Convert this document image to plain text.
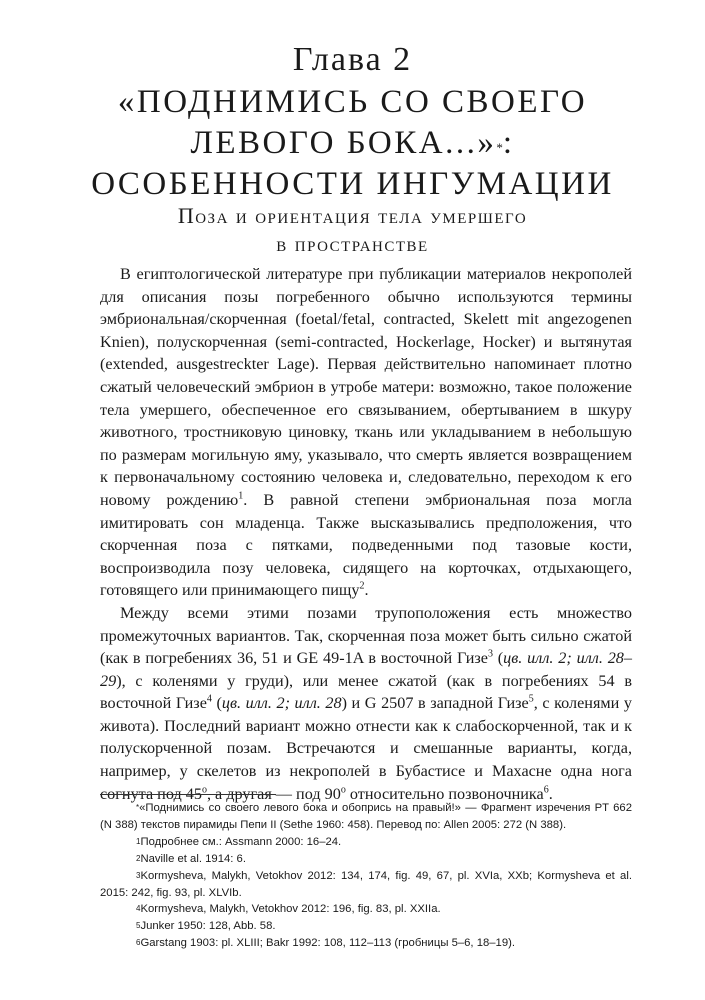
Глава 2
«ПОДНИМИСЬ СО СВОЕГО
ЛЕВОГО БОКА...»*:
ОСОБЕННОСТИ ИНГУМАЦИИ
Поза и ориентация тела умершего
в пространстве

В египтологической литературе при публикации материалов некрополей для описания позы погребенного обычно используются термины эмбриональная/скорченная (foetal/fetal, contracted, Skelett mit angezogenen Knien), полускорченная (semi-contracted, Hockerlage, Hocker) и вытянутая (extended, ausgestreckter Lage). Первая действительно напоминает плотно сжатый человеческий эмбрион в утробе матери: возможно, такое положение тела умершего, обеспеченное его связыванием, обертыванием в шкуру животного, тростниковую циновку, ткань или укладыванием в небольшую по размерам могильную яму, указывало, что смерть является возвращением к первоначальному состоянию человека и, следовательно, переходом к его новому рождению$^1$. В равной степени эмбриональная поза могла имитировать сон младенца. Также высказывались предположения, что скорченная поза с пятками, подведенными под тазовые кости, воспроизводила позу человека, сидящего на корточках, отдыхающего, готовящего или принимающего пищу$^2$.

Между всеми этими позами трупоположения есть множество промежуточных вариантов. Так, скорченная поза может быть сильно сжатой (как в погребениях 36, 51 и GE 49-1A в восточной Гизе$^3$ (цв. илл. 2; илл. 28–29), с коленями у груди), или менее сжатой (как в погребениях 54 в восточной Гизе$^4$ (цв. илл. 2; илл. 28) и G 2507 в западной Гизе$^5$, с коленями у живота). Последний вариант можно отнести как к слабоскорченной, так и к полускорченной позам. Встречаются и смешанные варианты, когда, например, у скелетов из некрополей в Бубастисе и Махасне одна нога согнута под 45$^o$, а другая — под 90$^o$ относительно позвоночника$^6$.

*«Поднимись со своего левого бока и обопрись на правый!» — Фрагмент изречения PT 662 (N 388) текстов пирамиды Пепи II (Sethe 1960: 458). Перевод по: Allen 2005: 272 (N 388).

1Подробнее см.: Assmann 2000: 16–24.

2Naville et al. 1914: 6.

3Kormysheva, Malykh, Vetokhov 2012: 134, 174, fig. 49, 67, pl. XVIa, XXb; Kormysheva et al. 2015: 242, fig. 93, pl. XLVIb.

4Kormysheva, Malykh, Vetokhov 2012: 196, fig. 83, pl. XXIIa.

5Junker 1950: 128, Abb. 58.

6Garstang 1903: pl. XLIII; Bakr 1992: 108, 112–113 (гробницы 5–6, 18–19).
